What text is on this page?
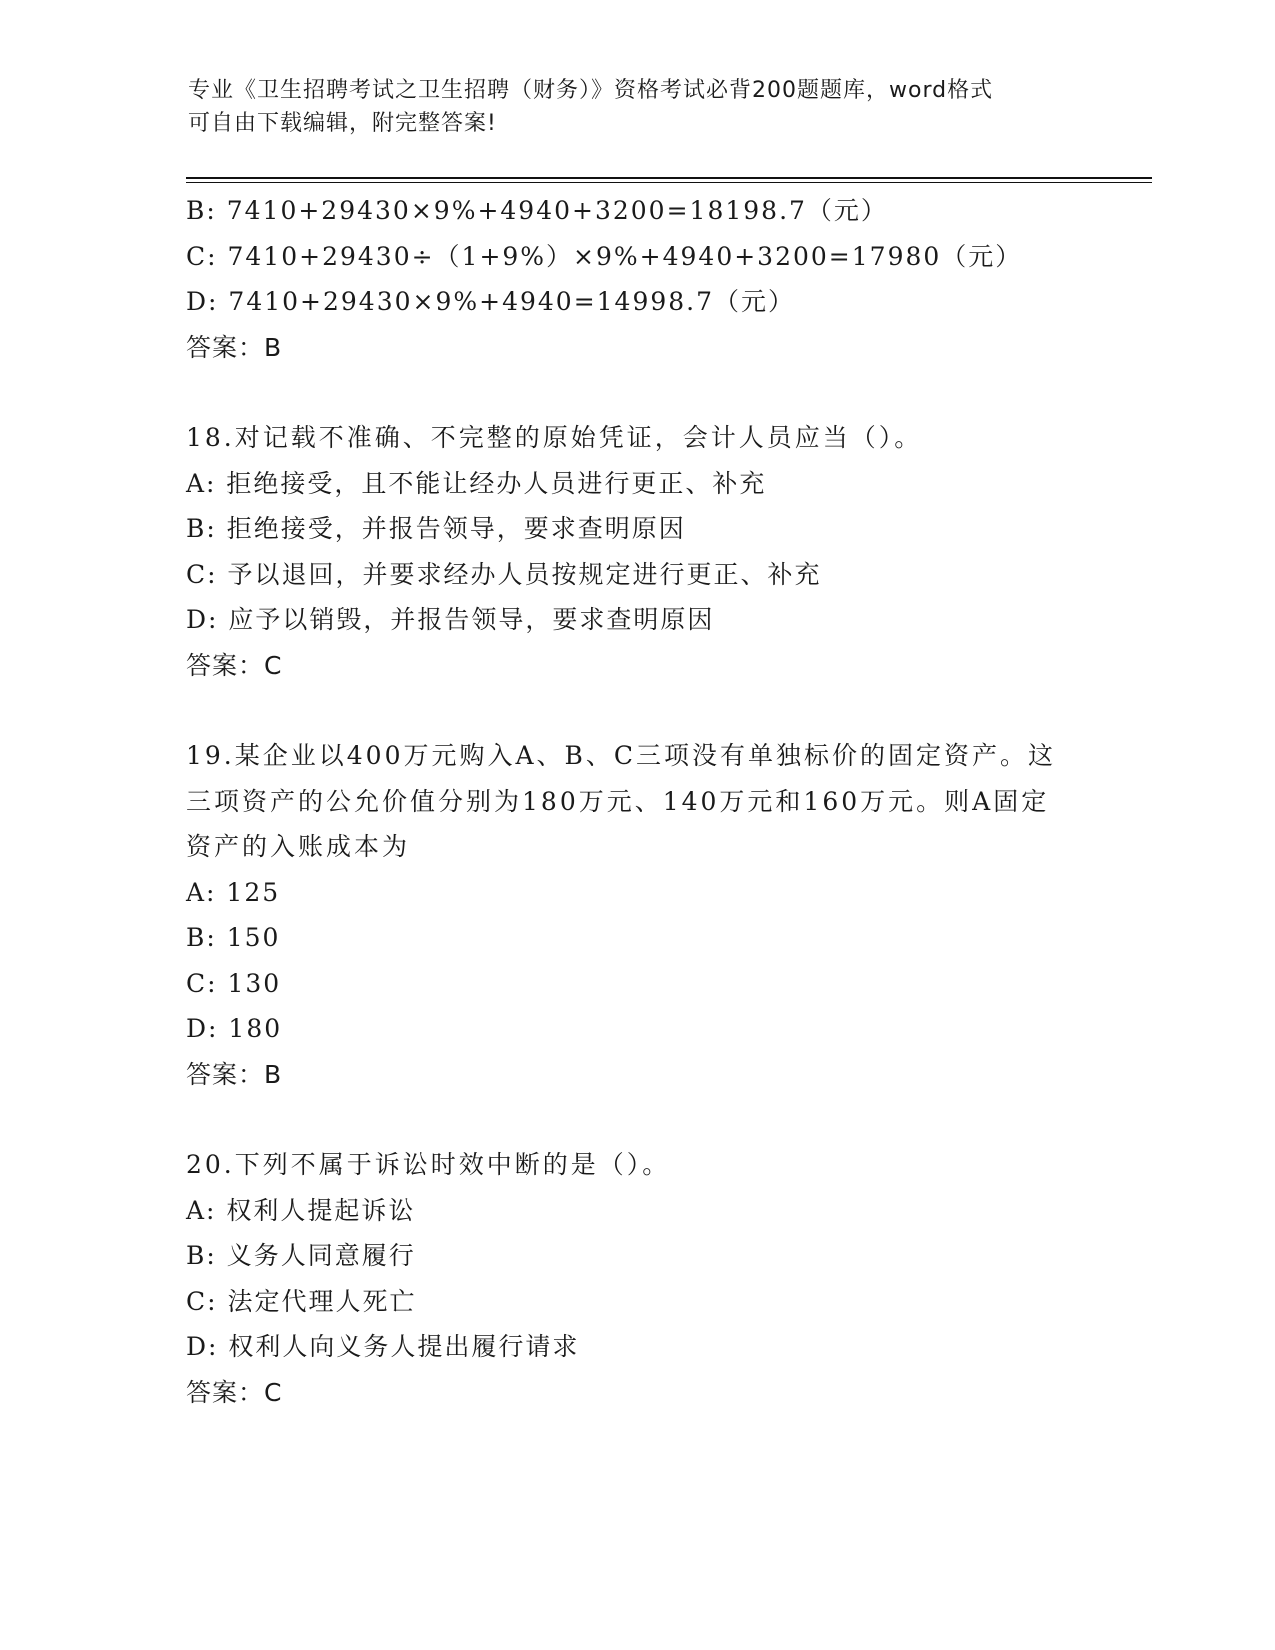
专业《卫生招聘考试之卫生招聘（财务）》资格考试必背200题题库，word格式
可自由下载编辑，附完整答案!
B: 7410+29430×9%+4940+3200=18198.7（元）
C: 7410+29430÷（1+9%）×9%+4940+3200=17980（元）
D: 7410+29430×9%+4940=14998.7（元）
答案：B
18.对记载不准确、不完整的原始凭证，会计人员应当（）。
A: 拒绝接受，且不能让经办人员进行更正、补充
B: 拒绝接受，并报告领导，要求查明原因
C: 予以退回，并要求经办人员按规定进行更正、补充
D: 应予以销毁，并报告领导，要求查明原因
答案：C
19.某企业以400万元购入A、B、C三项没有单独标价的固定资产。这
三项资产的公允价值分别为180万元、140万元和160万元。则A固定
资产的入账成本为
A: 125
B: 150
C: 130
D: 180
答案：B
20.下列不属于诉讼时效中断的是（）。
A: 权利人提起诉讼
B: 义务人同意履行
C: 法定代理人死亡
D: 权利人向义务人提出履行请求
答案：C
